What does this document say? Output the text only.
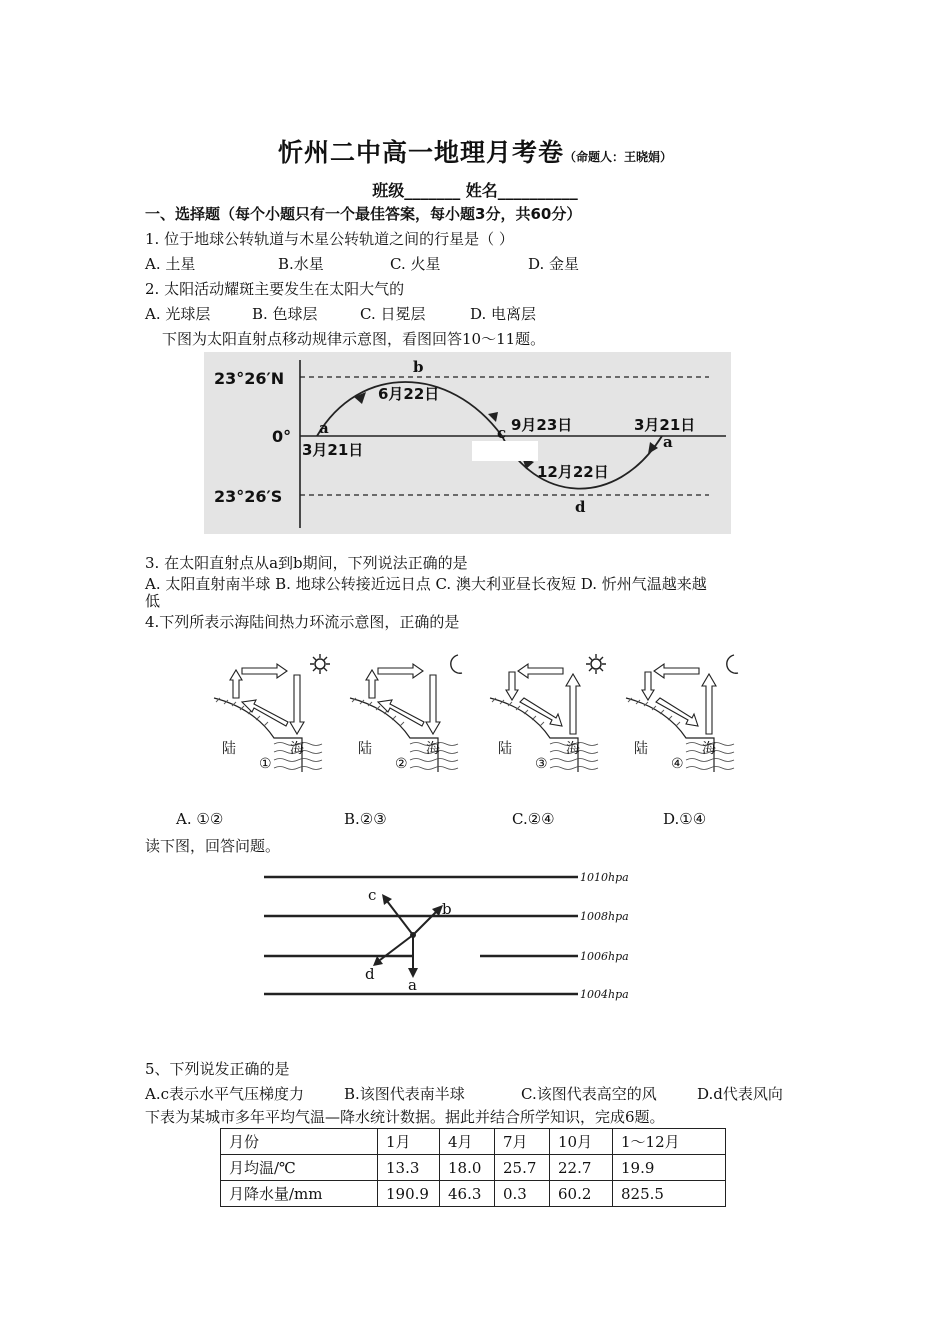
忻州二中高一地理月考卷（命题人：王晓娟）
班级_______ 姓名__________
一、选择题（每个小题只有一个最佳答案，每小题3分，共60分）
1. 位于地球公转轨道与木星公转轨道之间的行星是（ ）
A. 土星	B.水星	C. 火星	D. 金星
2. 太阳活动耀斑主要发生在太阳大气的
A. 光球层	B. 色球层	C. 日冕层	D. 电离层
下图为太阳直射点移动规律示意图，看图回答10～11题。
23°26′N
0°
23°26′S
a
b
c
d
a
3月21日
6月22日
9月23日
12月22日
3月21日
3. 在太阳直射点从a到b期间，下列说法正确的是
A. 太阳直射南半球 B. 地球公转接近远日点 C. 澳大利亚昼长夜短 D. 忻州气温越来越
低
4.下列所表示海陆间热力环流示意图，正确的是
陆	海
①
陆	海
②
陆	海
③
陆	海
④
A. ①②	B.②③	C.②④	D.①④
读下图，回答问题。
1010hpa
1008hpa
1006hpa
1004hpa
a
b
c
d
5、下列说发正确的是
A.c表示水平气压梯度力	B.该图代表南半球	C.该图代表高空的风	D.d代表风向
下表为某城市多年平均气温—降水统计数据。据此并结合所学知识，完成6题。
月份	1月	4月	7月	10月	1～12月
月均温/℃	13.3	18.0	25.7	22.7	19.9
月降水量/mm	190.9	46.3	0.3	60.2	825.5
